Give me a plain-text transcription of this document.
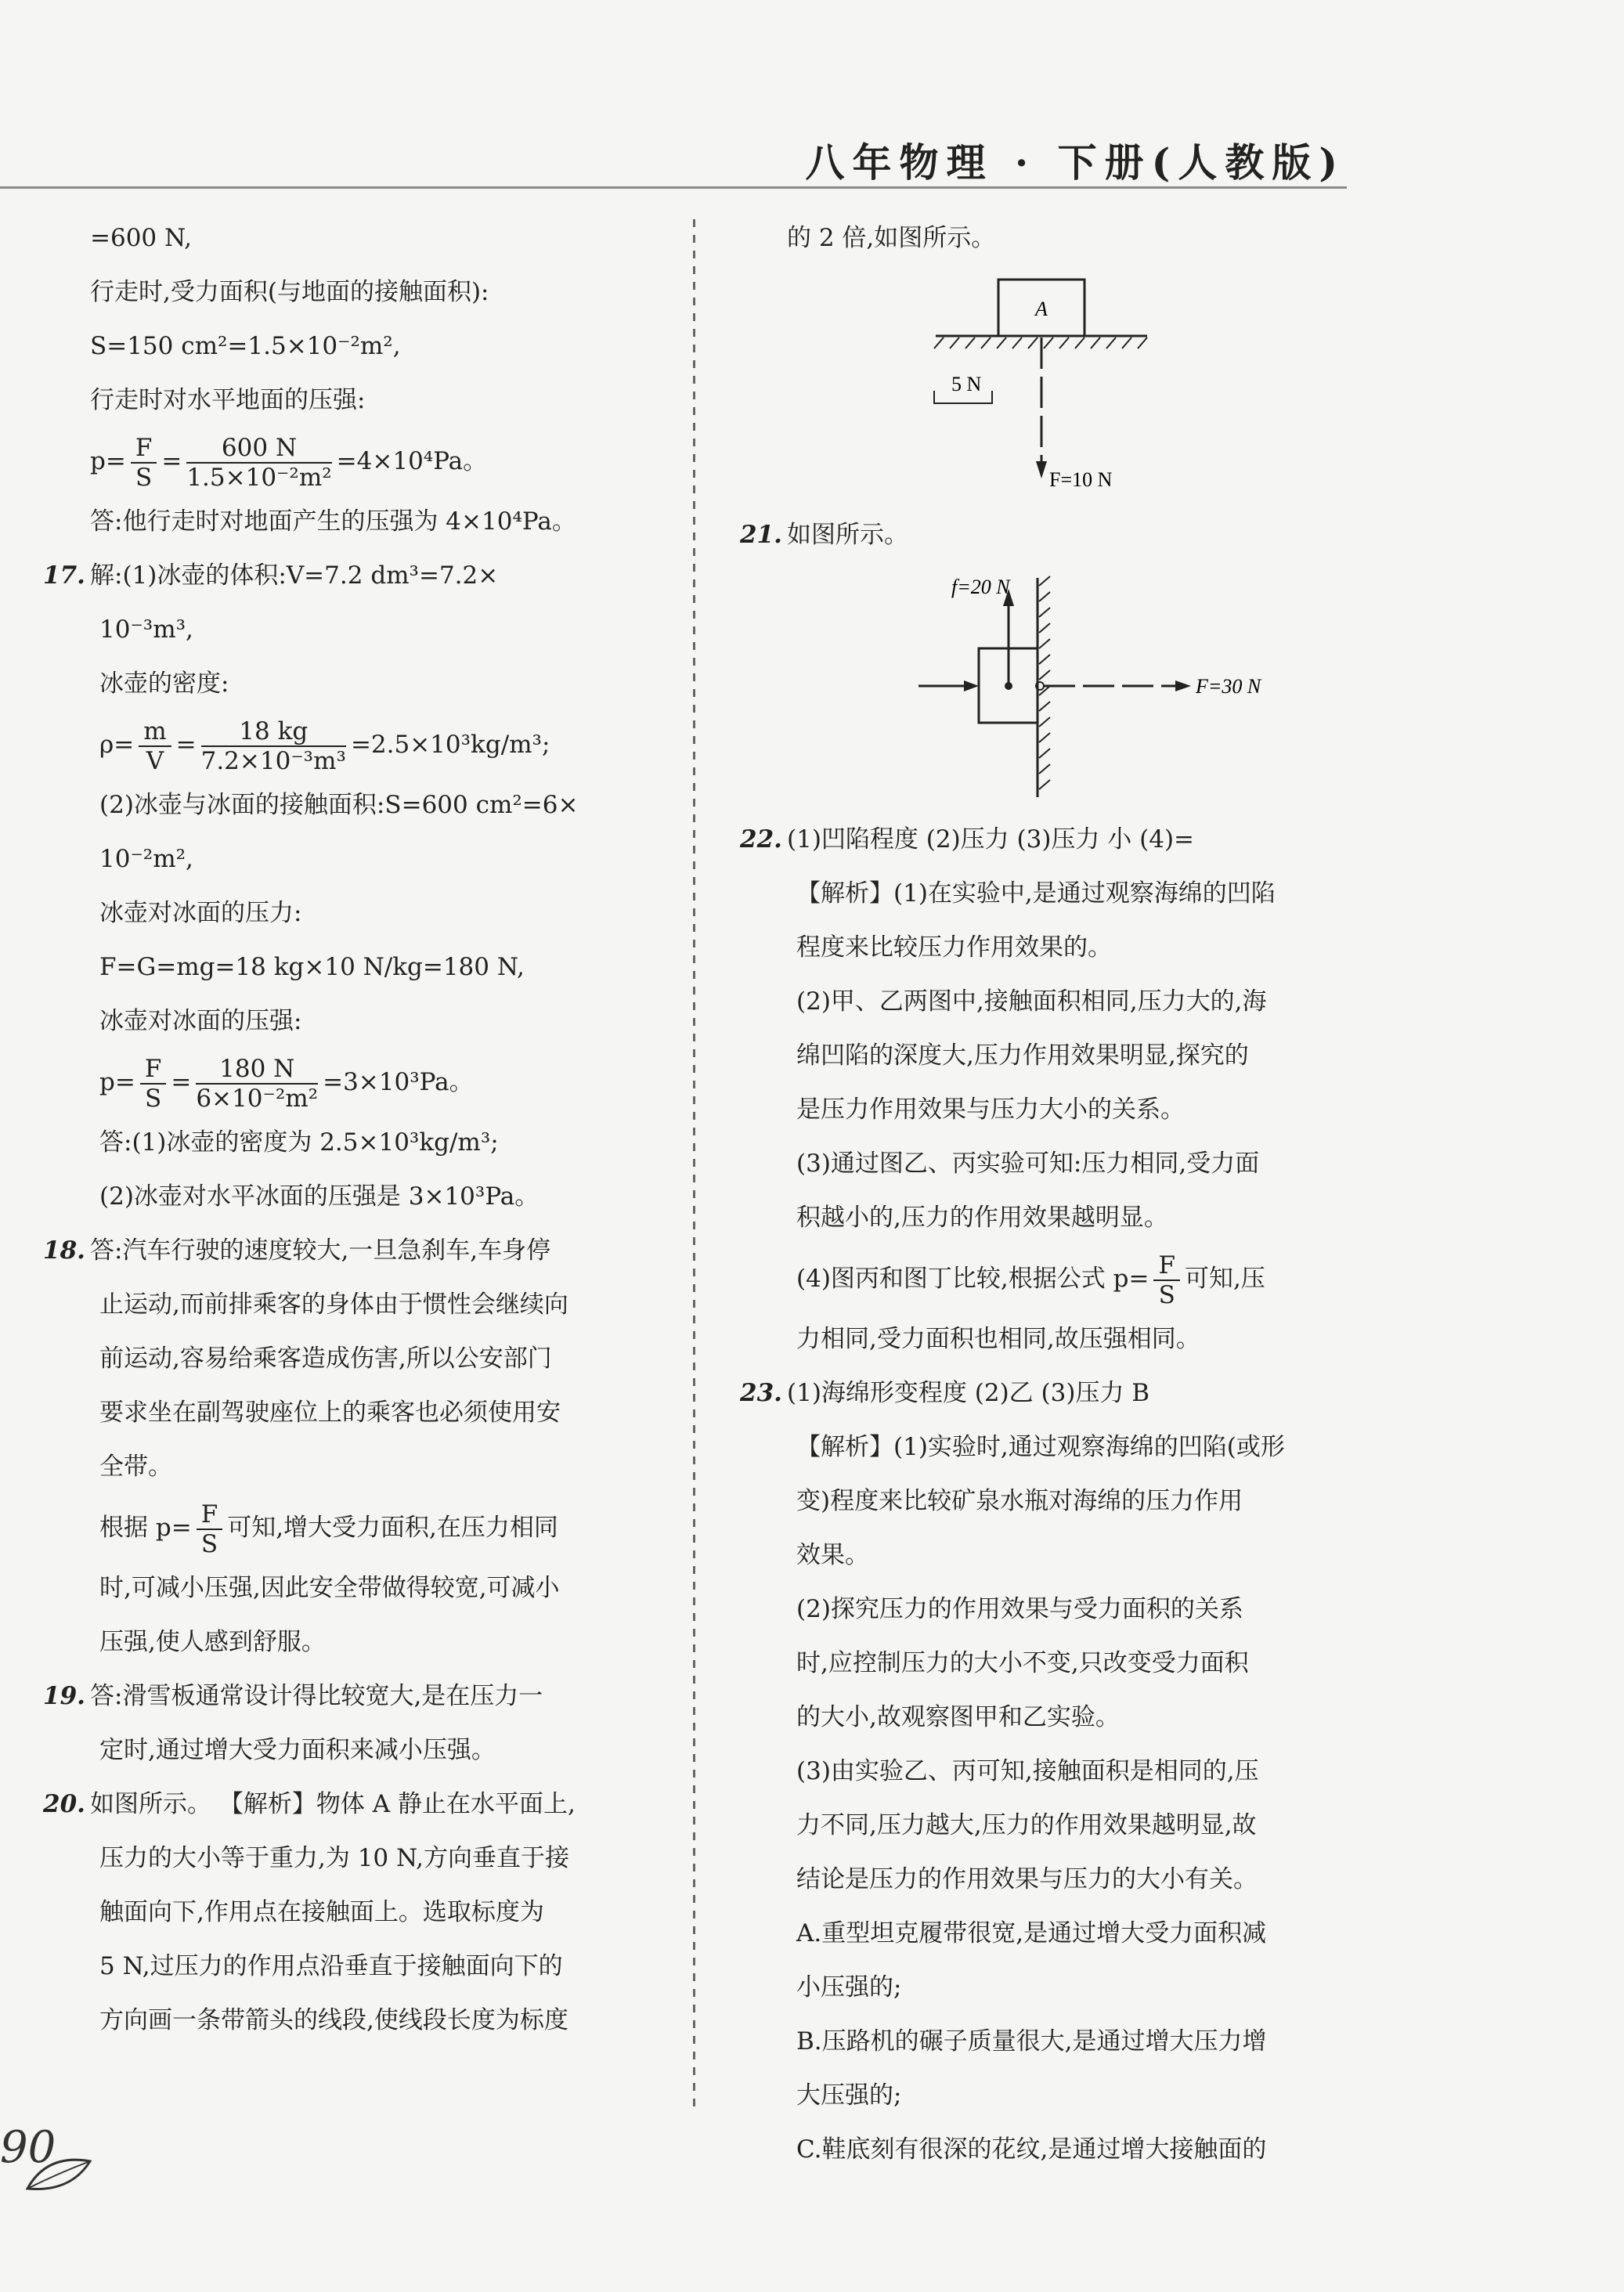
八年物理 · 下册(人教版)
=600 N,
行走时,受力面积(与地面的接触面积):
S=150 cm²=1.5×10⁻²m²,
行走时对水平地面的压强:
$p= \frac{F}{S} = \frac{600 N}{\text{1.5×10⁻²m²}} =4\times 10^4Pa$。
答:他行走时对地面产生的压强为 4×10⁴Pa。
17. 解:(1)冰壶的体积:V=7.2 dm³=7.2×
10⁻³m³,
冰壶的密度:
$\rho= \frac{m}{V} = \frac{18 kg}{\text{7.2×10⁻³m³}} =2.5\times 10^3kg/m^3$;
(2)冰壶与冰面的接触面积:S=600 cm²=6×
10⁻²m²,
冰壶对冰面的压力:
F=G=mg=18 kg×10 N/kg=180 N,
冰壶对冰面的压强:
$p= \frac{F}{S} = \frac{180 N}{\text{6×10⁻²m²}} =3\times 10^3Pa$。
答:(1)冰壶的密度为 2.5×10³kg/m³;
(2)冰壶对水平冰面的压强是 3×10³Pa。
18. 答:汽车行驶的速度较大,一旦急刹车,车身停
止运动,而前排乘客的身体由于惯性会继续向
前运动,容易给乘客造成伤害,所以公安部门
要求坐在副驾驶座位上的乘客也必须使用安
全带。
根据 $p= \frac{F}{S}$ 可知,增大受力面积,在压力相同
时,可减小压强,因此安全带做得较宽,可减小
压强,使人感到舒服。
19. 答:滑雪板通常设计得比较宽大,是在压力一
定时,通过增大受力面积来减小压强。
20. 如图所示。 【解析】物体 A 静止在水平面上,
压力的大小等于重力,为 10 N,方向垂直于接
触面向下,作用点在接触面上。选取标度为
5 N,过压力的作用点沿垂直于接触面向下的
方向画一条带箭头的线段,使线段长度为标度
的 2 倍,如图所示。
A
F=10 N
5 N
21. 如图所示。
f=20 N
F=30 N
22. (1)凹陷程度 (2)压力 (3)压力 小 (4)=
【解析】(1)在实验中,是通过观察海绵的凹陷
程度来比较压力作用效果的。
(2)甲、乙两图中,接触面积相同,压力大的,海
绵凹陷的深度大,压力作用效果明显,探究的
是压力作用效果与压力大小的关系。
(3)通过图乙、丙实验可知:压力相同,受力面
积越小的,压力的作用效果越明显。
(4)图丙和图丁比较,根据公式 $p= \frac{F}{S}$ 可知,压
力相同,受力面积也相同,故压强相同。
23. (1)海绵形变程度 (2)乙 (3)压力 B
【解析】(1)实验时,通过观察海绵的凹陷(或形
变)程度来比较矿泉水瓶对海绵的压力作用
效果。
(2)探究压力的作用效果与受力面积的关系
时,应控制压力的大小不变,只改变受力面积
的大小,故观察图甲和乙实验。
(3)由实验乙、丙可知,接触面积是相同的,压
力不同,压力越大,压力的作用效果越明显,故
结论是压力的作用效果与压力的大小有关。
A.重型坦克履带很宽,是通过增大受力面积减
小压强的;
B.压路机的碾子质量很大,是通过增大压力增
大压强的;
C.鞋底刻有很深的花纹,是通过增大接触面的
90
